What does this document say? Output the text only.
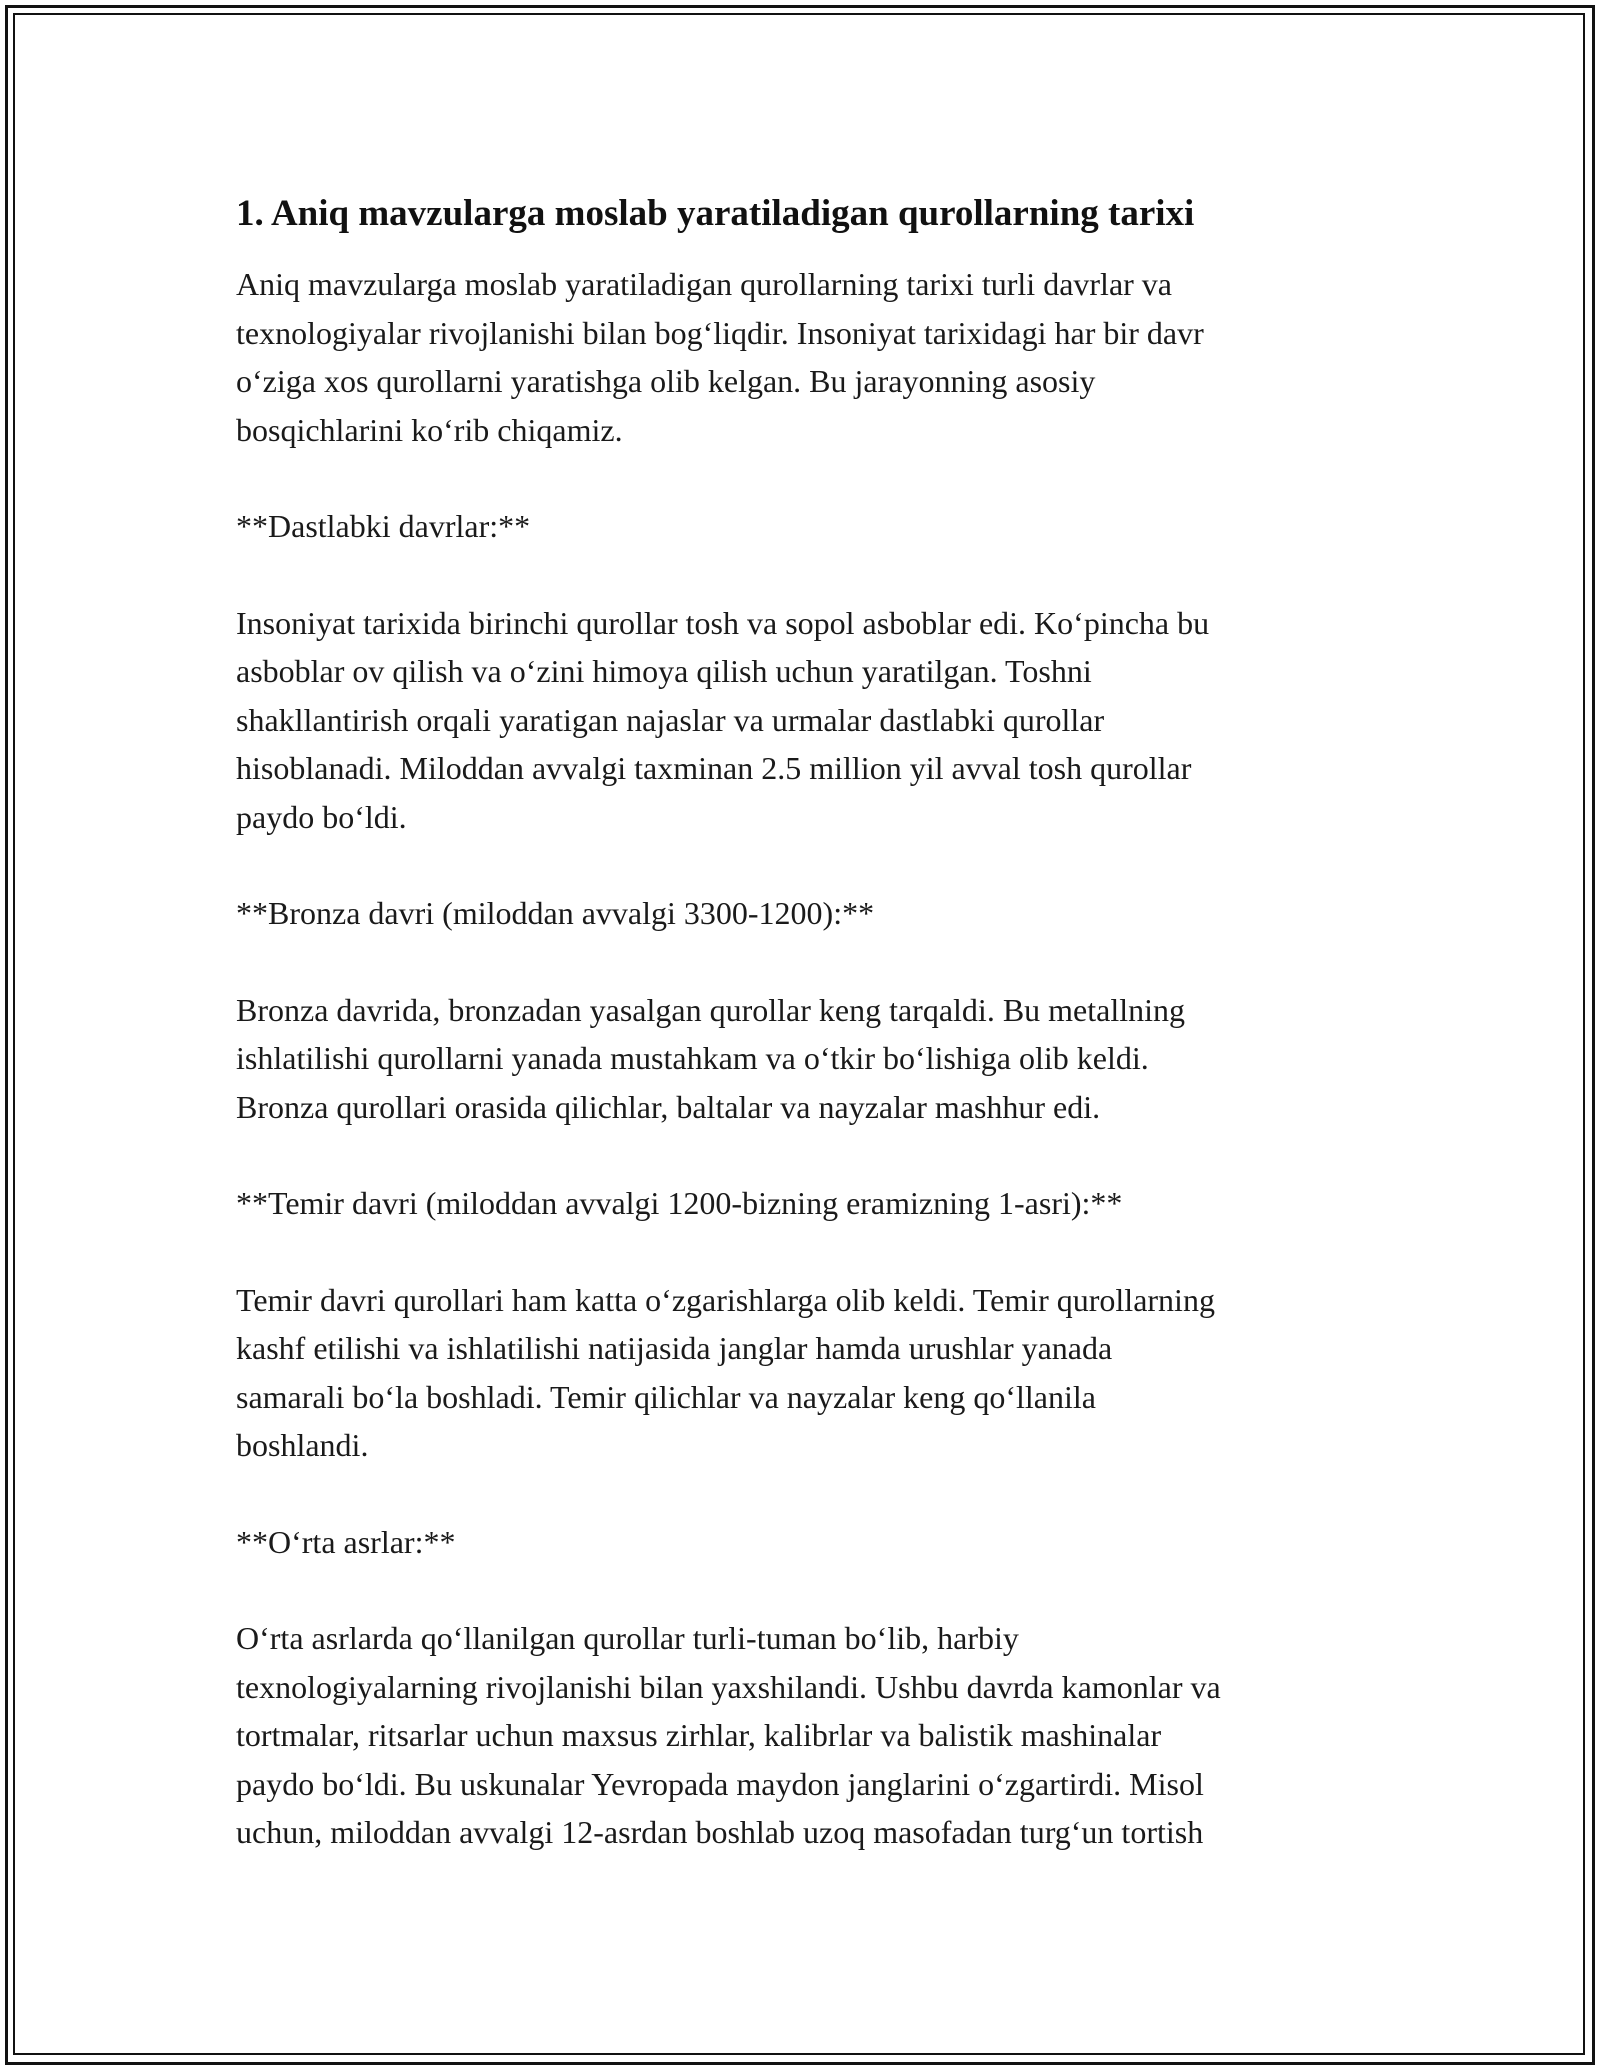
1. Aniq mavzularga moslab yaratiladigan qurollarning tarixi

Aniq mavzularga moslab yaratiladigan qurollarning tarixi turli davrlar va
texnologiyalar rivojlanishi bilan bog‘liqdir. Insoniyat tarixidagi har bir davr
o‘ziga xos qurollarni yaratishga olib kelgan. Bu jarayonning asosiy
bosqichlarini ko‘rib chiqamiz.

**Dastlabki davrlar:**

Insoniyat tarixida birinchi qurollar tosh va sopol asboblar edi. Ko‘pincha bu
asboblar ov qilish va o‘zini himoya qilish uchun yaratilgan. Toshni
shakllantirish orqali yaratigan najaslar va urmalar dastlabki qurollar
hisoblanadi. Miloddan avvalgi taxminan 2.5 million yil avval tosh qurollar
paydo bo‘ldi.

**Bronza davri (miloddan avvalgi 3300-1200):**

Bronza davrida, bronzadan yasalgan qurollar keng tarqaldi. Bu metallning
ishlatilishi qurollarni yanada mustahkam va o‘tkir bo‘lishiga olib keldi.
Bronza qurollari orasida qilichlar, baltalar va nayzalar mashhur edi.

**Temir davri (miloddan avvalgi 1200-bizning eramizning 1-asri):**

Temir davri qurollari ham katta o‘zgarishlarga olib keldi. Temir qurollarning
kashf etilishi va ishlatilishi natijasida janglar hamda urushlar yanada
samarali bo‘la boshladi. Temir qilichlar va nayzalar keng qo‘llanila
boshlandi.

**O‘rta asrlar:**

O‘rta asrlarda qo‘llanilgan qurollar turli-tuman bo‘lib, harbiy
texnologiyalarning rivojlanishi bilan yaxshilandi. Ushbu davrda kamonlar va
tortmalar, ritsarlar uchun maxsus zirhlar, kalibrlar va balistik mashinalar
paydo bo‘ldi. Bu uskunalar Yevropada maydon janglarini o‘zgartirdi. Misol
uchun, miloddan avvalgi 12-asrdan boshlab uzoq masofadan turg‘un tortish
